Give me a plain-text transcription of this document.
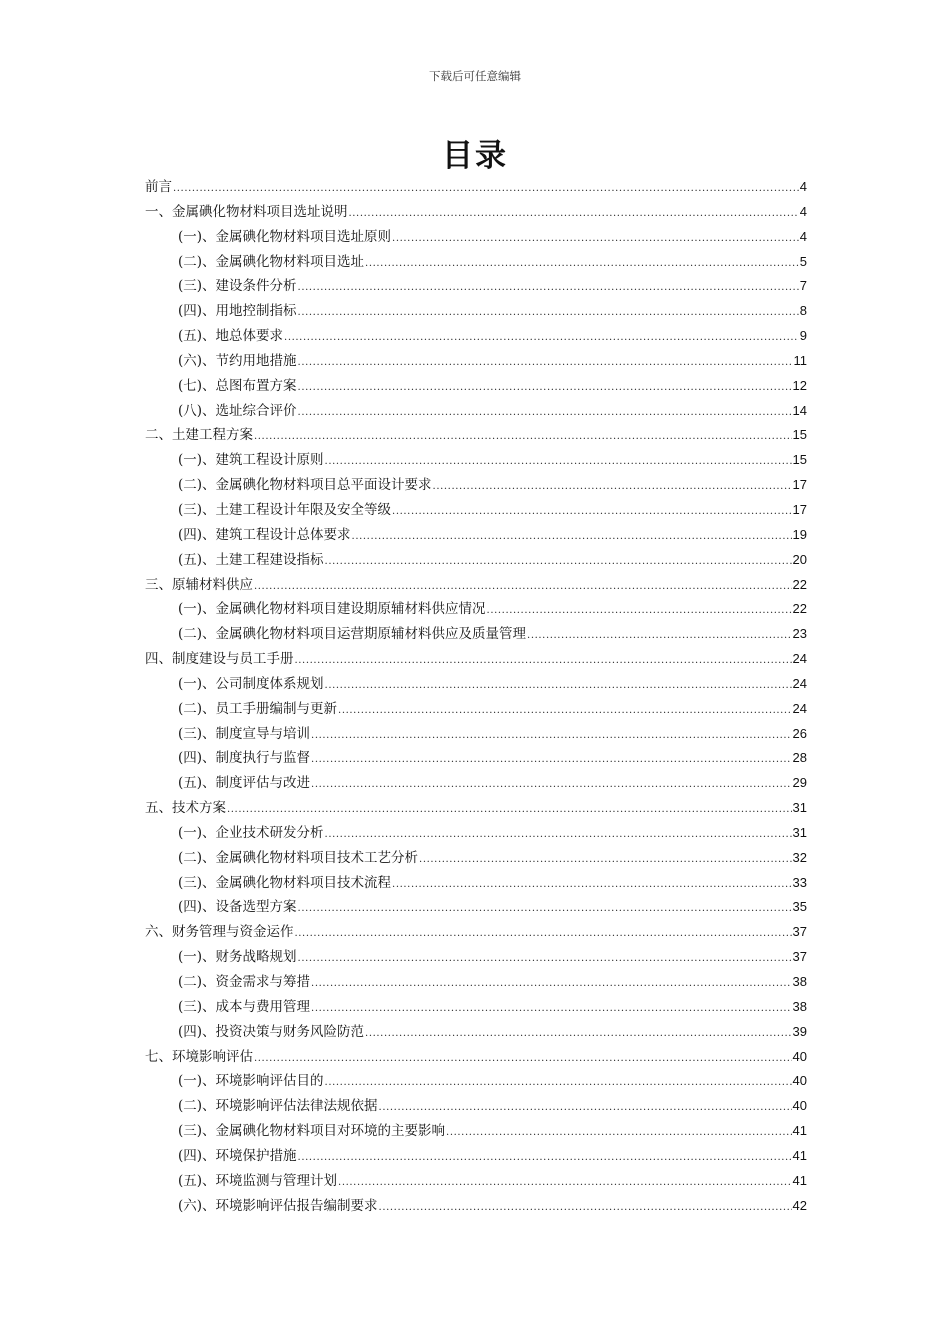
下载后可任意编辑
目录
前言 .....	4
一、金属碘化物材料项目选址说明 .....	4
(一)、金属碘化物材料项目选址原则 .....	4
(二)、金属碘化物材料项目选址 .....	5
(三)、建设条件分析 .....	7
(四)、用地控制指标 .....	8
(五)、地总体要求 .....	9
(六)、节约用地措施 .....	11
(七)、总图布置方案 .....	12
(八)、选址综合评价 .....	14
二、土建工程方案 .....	15
(一)、建筑工程设计原则 .....	15
(二)、金属碘化物材料项目总平面设计要求 .....	17
(三)、土建工程设计年限及安全等级 .....	17
(四)、建筑工程设计总体要求 .....	19
(五)、土建工程建设指标 .....	20
三、原辅材料供应 .....	22
(一)、金属碘化物材料项目建设期原辅材料供应情况 .....	22
(二)、金属碘化物材料项目运营期原辅材料供应及质量管理 .....	23
四、制度建设与员工手册 .....	24
(一)、公司制度体系规划 .....	24
(二)、员工手册编制与更新 .....	24
(三)、制度宣导与培训 .....	26
(四)、制度执行与监督 .....	28
(五)、制度评估与改进 .....	29
五、技术方案 .....	31
(一)、企业技术研发分析 .....	31
(二)、金属碘化物材料项目技术工艺分析 .....	32
(三)、金属碘化物材料项目技术流程 .....	33
(四)、设备选型方案 .....	35
六、财务管理与资金运作 .....	37
(一)、财务战略规划 .....	37
(二)、资金需求与筹措 .....	38
(三)、成本与费用管理 .....	38
(四)、投资决策与财务风险防范 .....	39
七、环境影响评估 .....	40
(一)、环境影响评估目的 .....	40
(二)、环境影响评估法律法规依据 .....	40
(三)、金属碘化物材料项目对环境的主要影响 .....	41
(四)、环境保护措施 .....	41
(五)、环境监测与管理计划 .....	41
(六)、环境影响评估报告编制要求 .....	42
